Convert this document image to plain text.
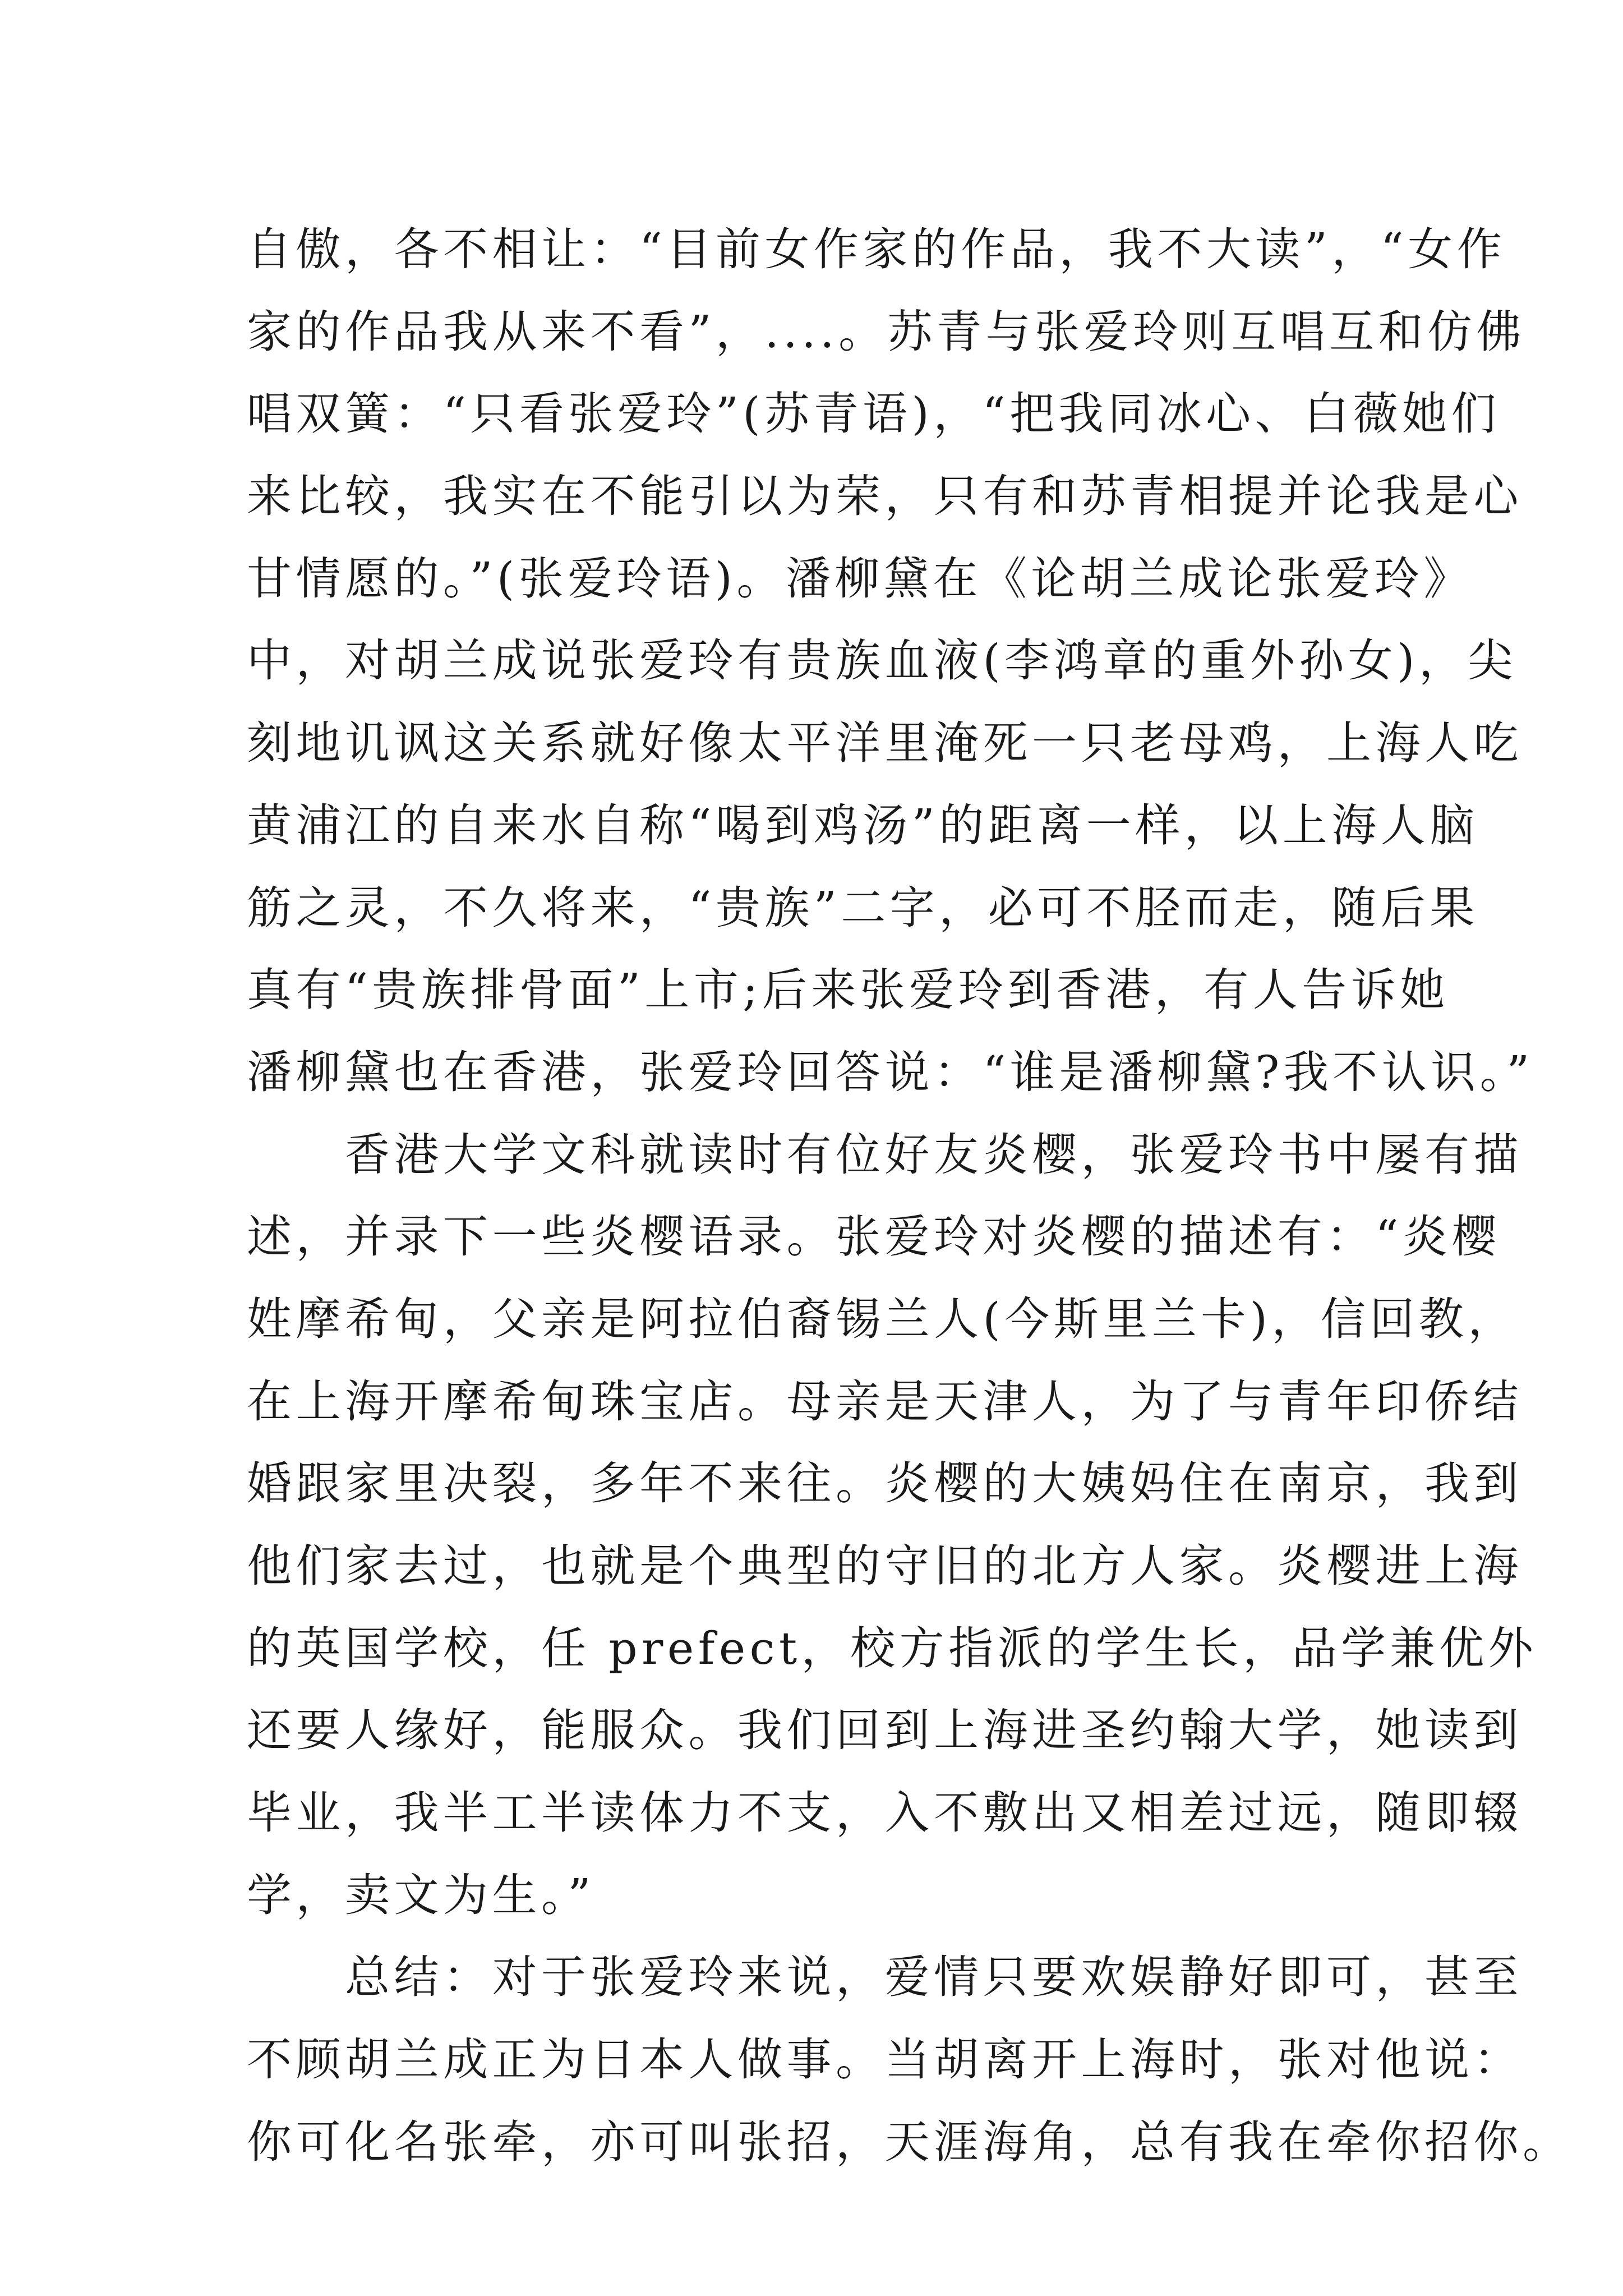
自傲，各不相让：“目前女作家的作品，我不大读”，“女作
家的作品我从来不看”，....。苏青与张爱玲则互唱互和仿佛
唱双簧：“只看张爱玲”(苏青语)，“把我同冰心、白薇她们
来比较，我实在不能引以为荣，只有和苏青相提并论我是心
甘情愿的。”(张爱玲语)。潘柳黛在《论胡兰成论张爱玲》
中，对胡兰成说张爱玲有贵族血液(李鸿章的重外孙女)，尖
刻地讥讽这关系就好像太平洋里淹死一只老母鸡，上海人吃
黄浦江的自来水自称“喝到鸡汤”的距离一样，以上海人脑
筋之灵，不久将来，“贵族”二字，必可不胫而走，随后果
真有“贵族排骨面”上市;后来张爱玲到香港，有人告诉她
潘柳黛也在香港，张爱玲回答说：“谁是潘柳黛?我不认识。”
　　香港大学文科就读时有位好友炎樱，张爱玲书中屡有描
述，并录下一些炎樱语录。张爱玲对炎樱的描述有：“炎樱
姓摩希甸，父亲是阿拉伯裔锡兰人(今斯里兰卡)，信回教，
在上海开摩希甸珠宝店。母亲是天津人，为了与青年印侨结
婚跟家里决裂，多年不来往。炎樱的大姨妈住在南京，我到
他们家去过，也就是个典型的守旧的北方人家。炎樱进上海
的英国学校，任 prefect，校方指派的学生长，品学兼优外
还要人缘好，能服众。我们回到上海进圣约翰大学，她读到
毕业，我半工半读体力不支，入不敷出又相差过远，随即辍
学，卖文为生。”
　　总结：对于张爱玲来说，爱情只要欢娱静好即可，甚至
不顾胡兰成正为日本人做事。当胡离开上海时，张对他说：
你可化名张牵，亦可叫张招，天涯海角，总有我在牵你招你。
